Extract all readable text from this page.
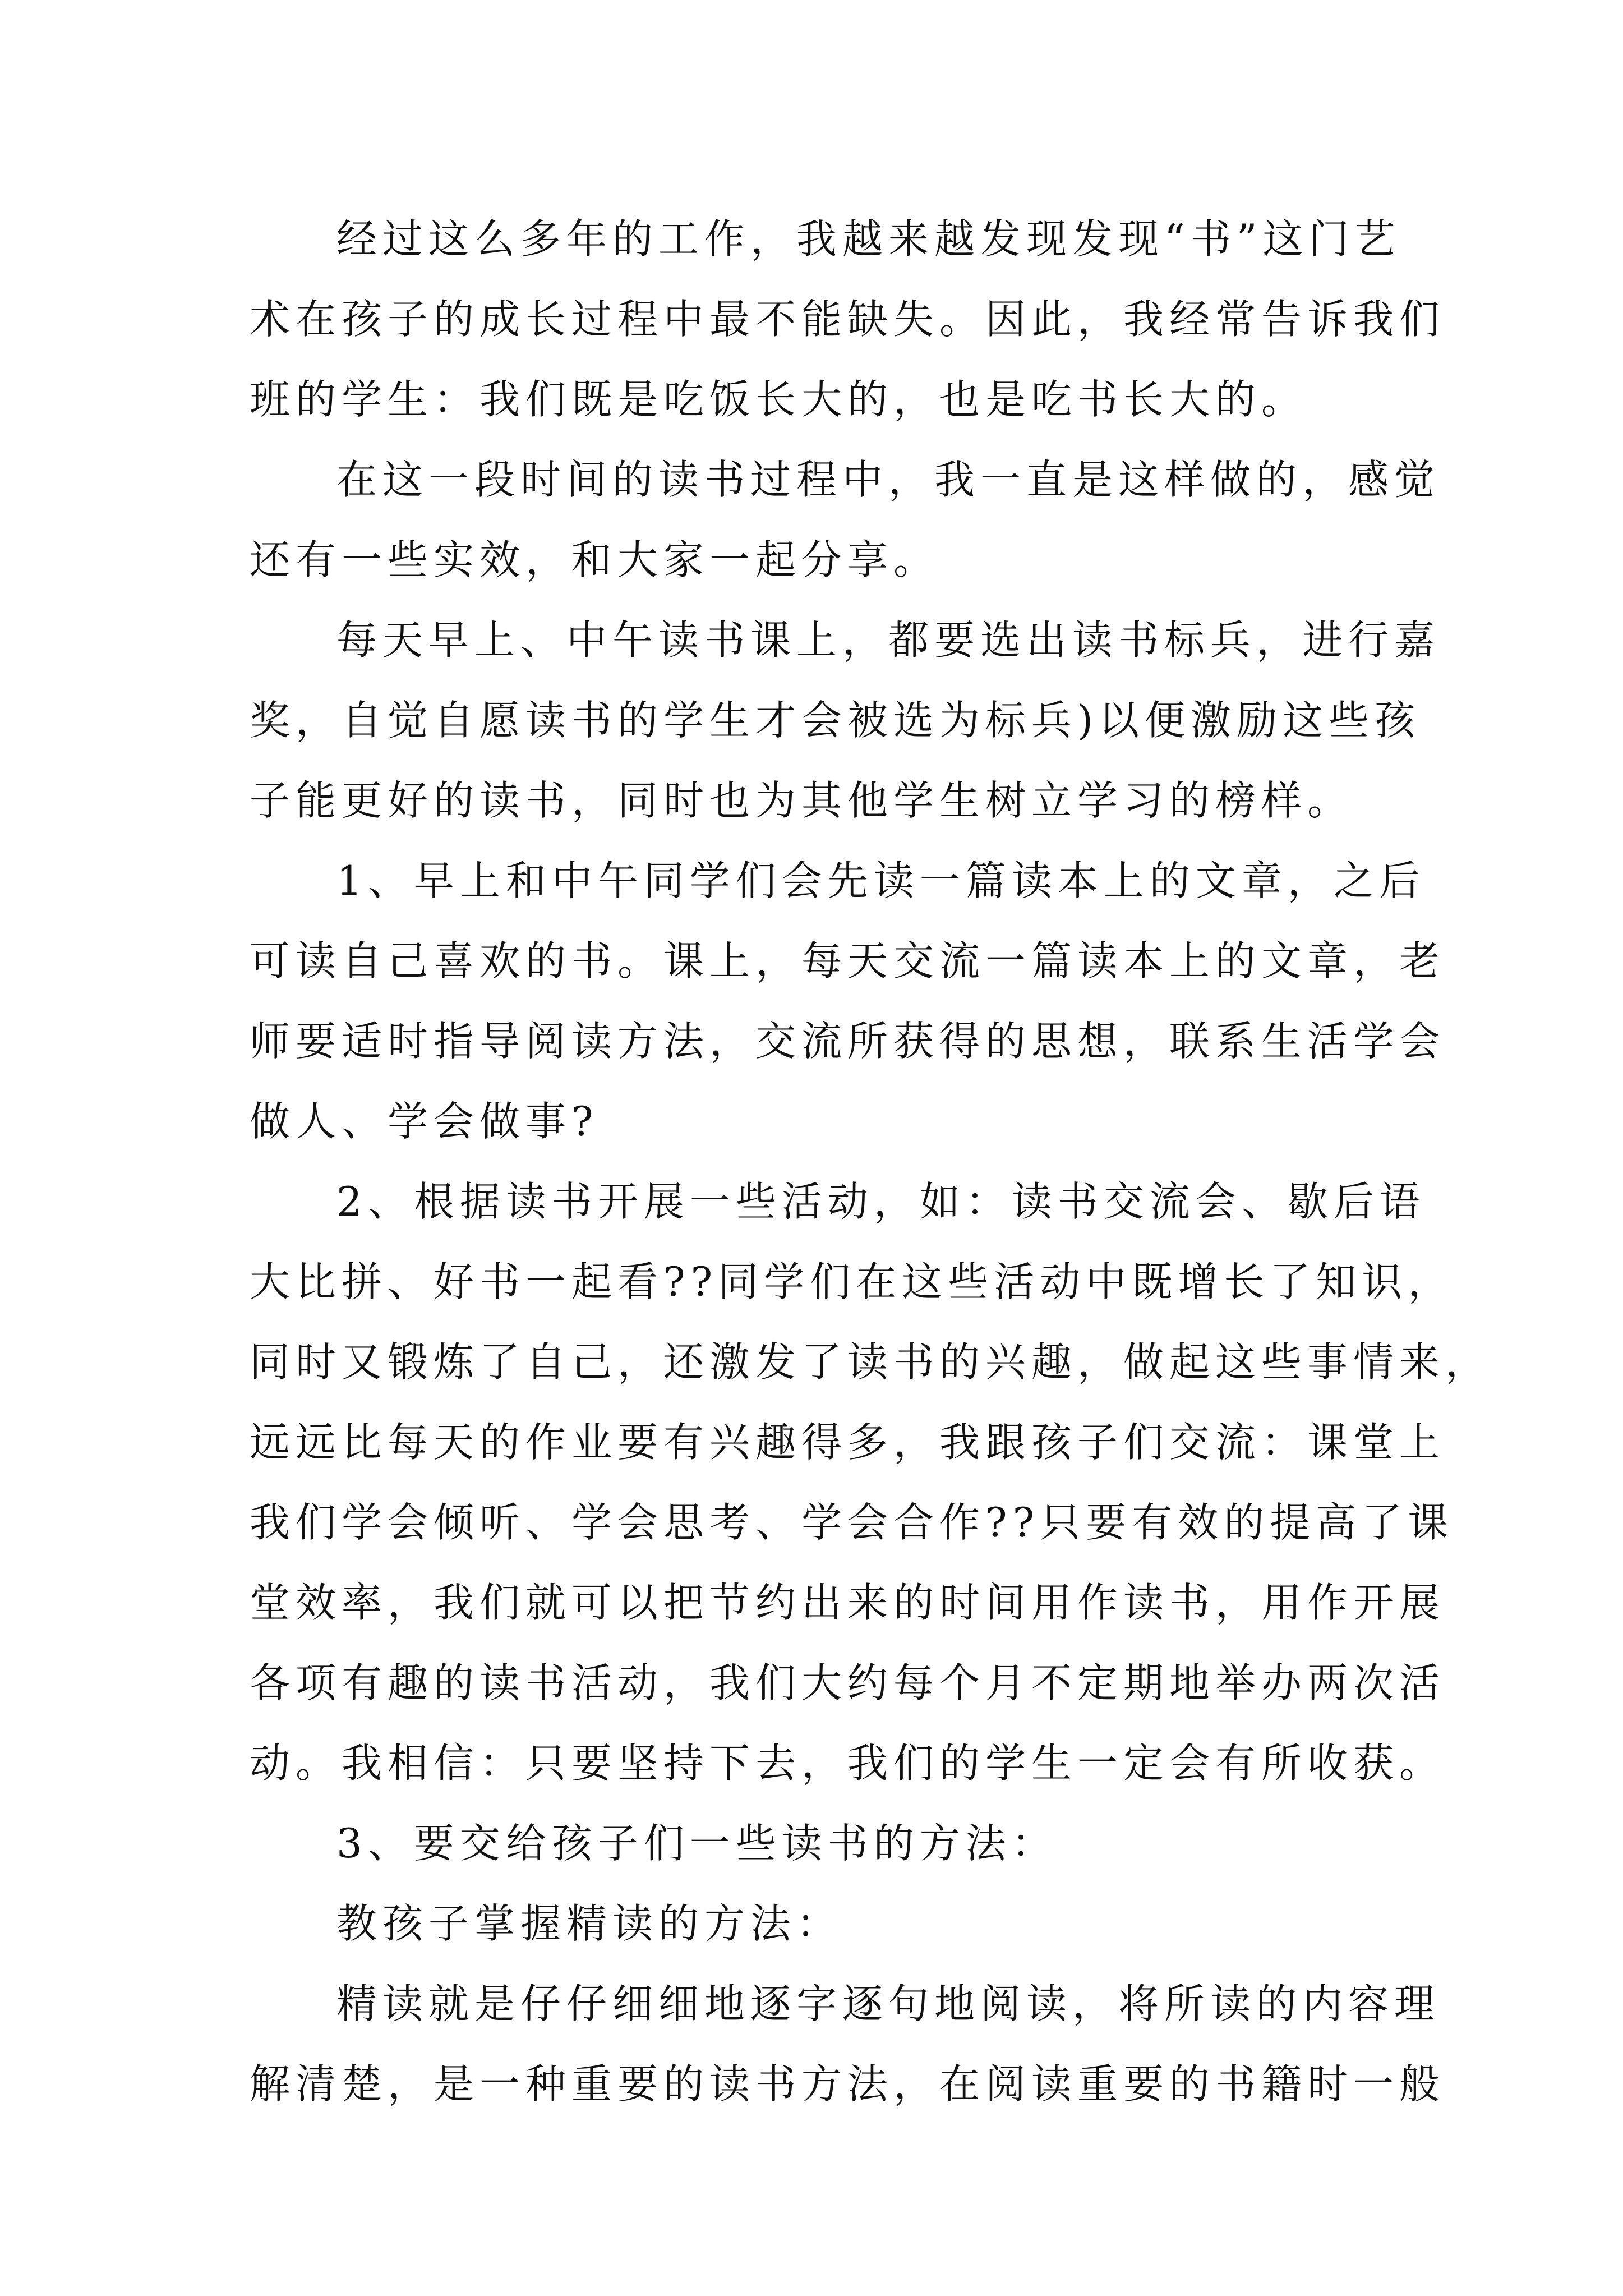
经过这么多年的工作，我越来越发现发现“书”这门艺
术在孩子的成长过程中最不能缺失。因此，我经常告诉我们
班的学生：我们既是吃饭长大的，也是吃书长大的。
在这一段时间的读书过程中，我一直是这样做的，感觉
还有一些实效，和大家一起分享。
每天早上、中午读书课上，都要选出读书标兵，进行嘉
奖，自觉自愿读书的学生才会被选为标兵)以便激励这些孩
子能更好的读书，同时也为其他学生树立学习的榜样。
1、早上和中午同学们会先读一篇读本上的文章，之后
可读自己喜欢的书。课上，每天交流一篇读本上的文章，老
师要适时指导阅读方法，交流所获得的思想，联系生活学会
做人、学会做事?
2、根据读书开展一些活动，如：读书交流会、歇后语
大比拼、好书一起看??同学们在这些活动中既增长了知识，
同时又锻炼了自己，还激发了读书的兴趣，做起这些事情来，
远远比每天的作业要有兴趣得多，我跟孩子们交流：课堂上
我们学会倾听、学会思考、学会合作??只要有效的提高了课
堂效率，我们就可以把节约出来的时间用作读书，用作开展
各项有趣的读书活动，我们大约每个月不定期地举办两次活
动。我相信：只要坚持下去，我们的学生一定会有所收获。
3、要交给孩子们一些读书的方法：
教孩子掌握精读的方法：
精读就是仔仔细细地逐字逐句地阅读，将所读的内容理
解清楚，是一种重要的读书方法，在阅读重要的书籍时一般
